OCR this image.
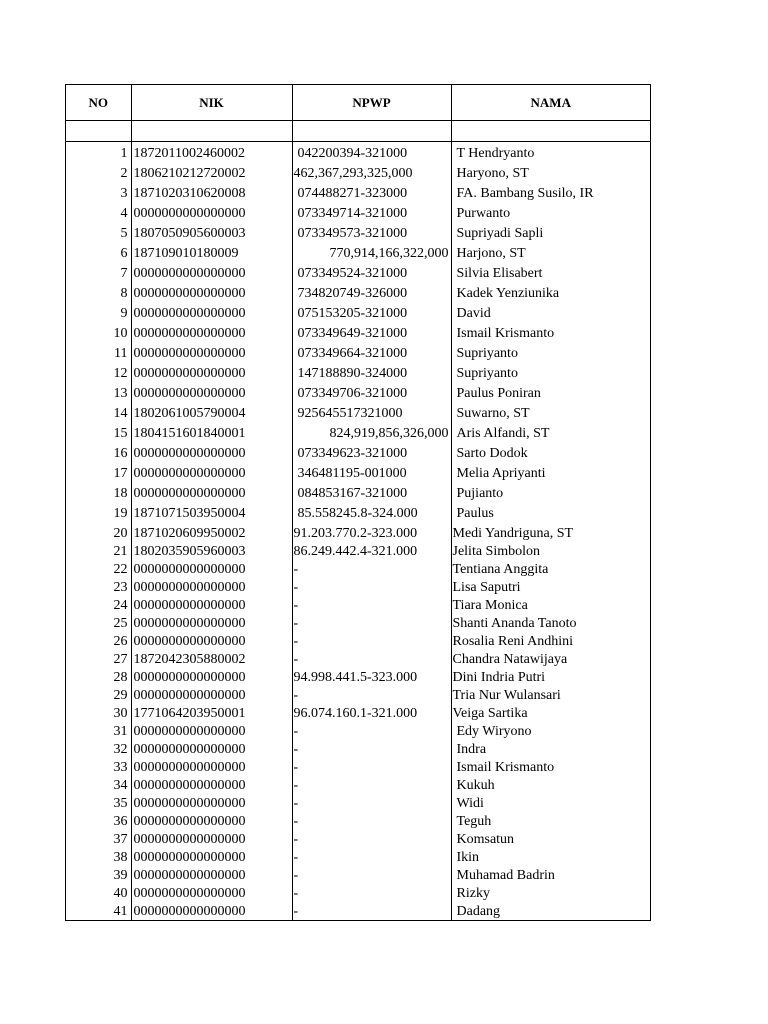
NO	NIK	NPWP	NAMA

1	1872011002460002	042200394-321000	T Hendryanto
2	1806210212720002	462,367,293,325,000	Haryono, ST
3	1871020310620008	074488271-323000	FA. Bambang Susilo, IR
4	0000000000000000	073349714-321000	Purwanto
5	1807050905600003	073349573-321000	Supriyadi Sapli
6	187109010180009	770,914,166,322,000	Harjono, ST
7	0000000000000000	073349524-321000	Silvia Elisabert
8	0000000000000000	734820749-326000	Kadek Yenziunika
9	0000000000000000	075153205-321000	David
10	0000000000000000	073349649-321000	Ismail Krismanto
11	0000000000000000	073349664-321000	Supriyanto
12	0000000000000000	147188890-324000	Supriyanto
13	0000000000000000	073349706-321000	Paulus Poniran
14	1802061005790004	925645517321000	Suwarno, ST
15	1804151601840001	824,919,856,326,000	Aris Alfandi, ST
16	0000000000000000	073349623-321000	Sarto Dodok
17	0000000000000000	346481195-001000	Melia Apriyanti
18	0000000000000000	084853167-321000	Pujianto
19	1871071503950004	85.558245.8-324.000	Paulus
20	1871020609950002	91.203.770.2-323.000	Medi Yandriguna, ST
21	1802035905960003	86.249.442.4-321.000	Jelita Simbolon
22	0000000000000000	-	Tentiana Anggita
23	0000000000000000	-	Lisa Saputri
24	0000000000000000	-	Tiara Monica
25	0000000000000000	-	Shanti Ananda Tanoto
26	0000000000000000	-	Rosalia Reni Andhini
27	1872042305880002	-	Chandra Natawijaya
28	0000000000000000	94.998.441.5-323.000	Dini Indria Putri
29	0000000000000000	-	Tria Nur Wulansari
30	1771064203950001	96.074.160.1-321.000	Veiga Sartika
31	0000000000000000	-	Edy Wiryono
32	0000000000000000	-	Indra
33	0000000000000000	-	Ismail Krismanto
34	0000000000000000	-	Kukuh
35	0000000000000000	-	Widi
36	0000000000000000	-	Teguh
37	0000000000000000	-	Komsatun
38	0000000000000000	-	Ikin
39	0000000000000000	-	Muhamad Badrin
40	0000000000000000	-	Rizky
41	0000000000000000	-	Dadang
